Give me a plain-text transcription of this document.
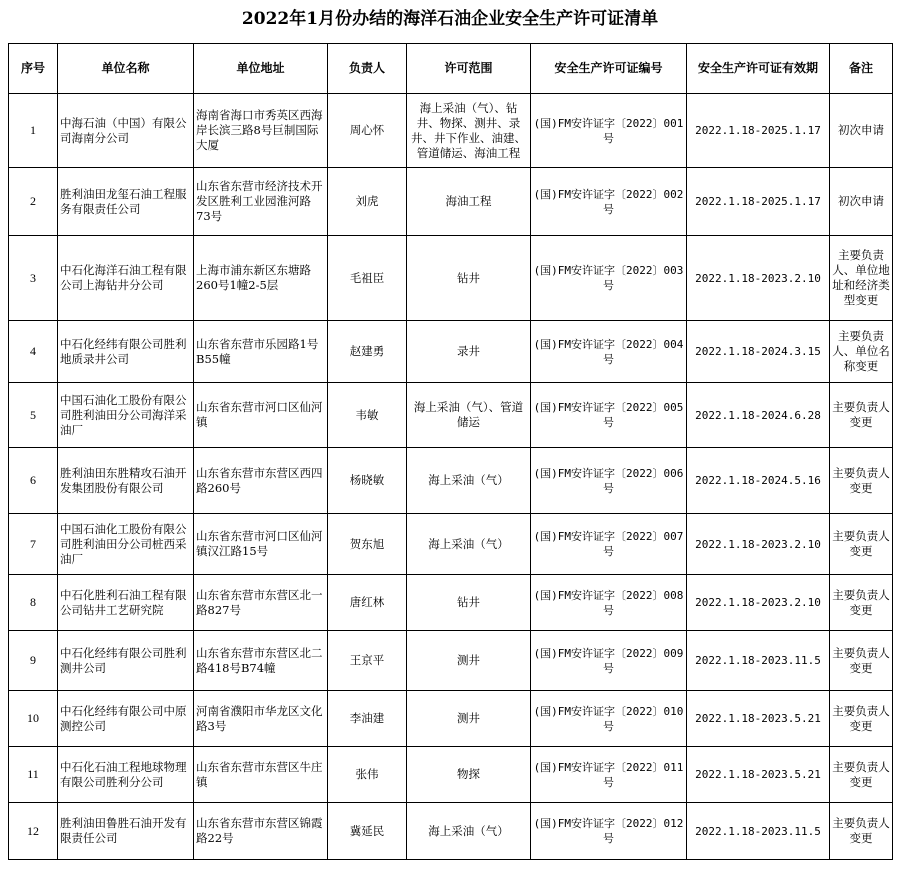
2022年1月份办结的海洋石油企业安全生产许可证清单
序号	单位名称	单位地址	负责人	许可范围	安全生产许可证编号	安全生产许可证有效期	备注
1	中海石油（中国）有限公司海南分公司	海南省海口市秀英区西海岸长滨三路8号巨制国际大厦	周心怀	海上采油（气）、钻井、物探、测井、录井、井下作业、油建、管道储运、海油工程	(国)FM安许证字〔2022〕001号	2022.1.18-2025.1.17	初次申请
2	胜利油田龙玺石油工程服务有限责任公司	山东省东营市经济技术开发区胜利工业园淮河路73号	刘虎	海油工程	(国)FM安许证字〔2022〕002号	2022.1.18-2025.1.17	初次申请
3	中石化海洋石油工程有限公司上海钻井分公司	上海市浦东新区东塘路260号1幢2-5层	毛祖臣	钻井	(国)FM安许证字〔2022〕003号	2022.1.18-2023.2.10	主要负责人、单位地址和经济类型变更
4	中石化经纬有限公司胜利地质录井公司	山东省东营市乐园路1号B55幢	赵建勇	录井	(国)FM安许证字〔2022〕004号	2022.1.18-2024.3.15	主要负责人、单位名称变更
5	中国石油化工股份有限公司胜利油田分公司海洋采油厂	山东省东营市河口区仙河镇	韦敏	海上采油（气）、管道储运	(国)FM安许证字〔2022〕005号	2022.1.18-2024.6.28	主要负责人变更
6	胜利油田东胜精攻石油开发集团股份有限公司	山东省东营市东营区西四路260号	杨晓敏	海上采油（气）	(国)FM安许证字〔2022〕006号	2022.1.18-2024.5.16	主要负责人变更
7	中国石油化工股份有限公司胜利油田分公司桩西采油厂	山东省东营市河口区仙河镇汉江路15号	贺东旭	海上采油（气）	(国)FM安许证字〔2022〕007号	2022.1.18-2023.2.10	主要负责人变更
8	中石化胜利石油工程有限公司钻井工艺研究院	山东省东营市东营区北一路827号	唐红林	钻井	(国)FM安许证字〔2022〕008号	2022.1.18-2023.2.10	主要负责人变更
9	中石化经纬有限公司胜利测井公司	山东省东营市东营区北二路418号B74幢	王京平	测井	(国)FM安许证字〔2022〕009号	2022.1.18-2023.11.5	主要负责人变更
10	中石化经纬有限公司中原测控公司	河南省濮阳市华龙区文化路3号	李油建	测井	(国)FM安许证字〔2022〕010号	2022.1.18-2023.5.21	主要负责人变更
11	中石化石油工程地球物理有限公司胜利分公司	山东省东营市东营区牛庄镇	张伟	物探	(国)FM安许证字〔2022〕011号	2022.1.18-2023.5.21	主要负责人变更
12	胜利油田鲁胜石油开发有限责任公司	山东省东营市东营区锦霞路22号	冀延民	海上采油（气）	(国)FM安许证字〔2022〕012号	2022.1.18-2023.11.5	主要负责人变更
